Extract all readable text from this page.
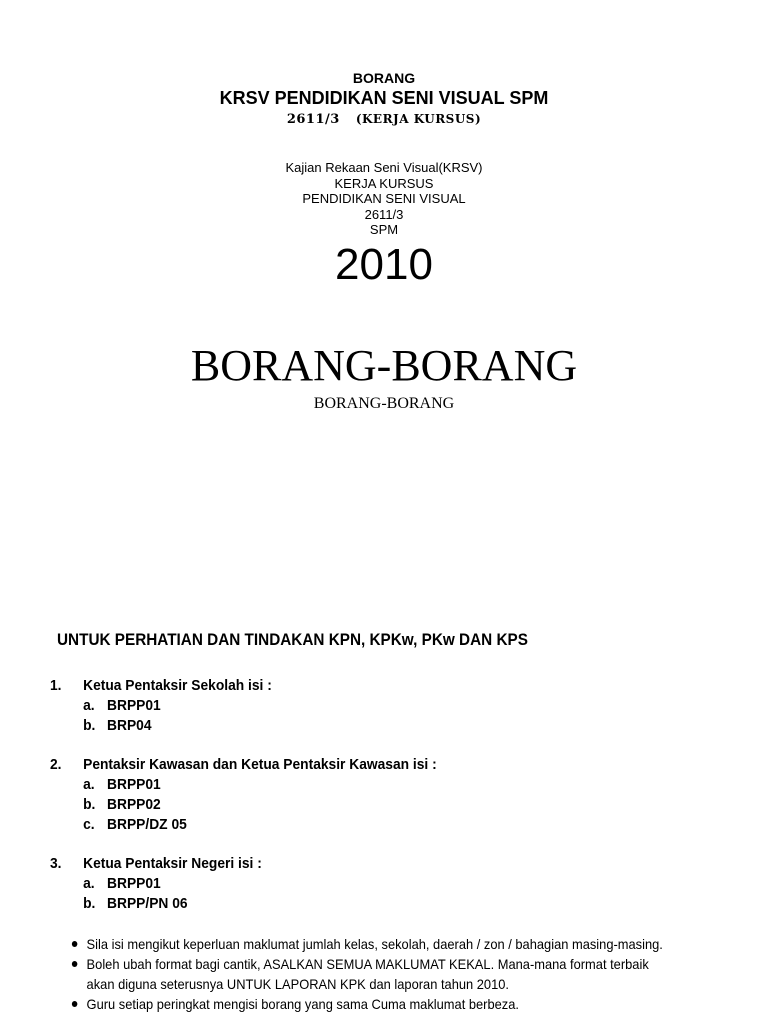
BORANG
KRSV PENDIDIKAN SENI VISUAL SPM
2611/3 (KERJA KURSUS)
Kajian Rekaan Seni Visual(KRSV)
KERJA KURSUS
PENDIDIKAN SENI VISUAL
2611/3
SPM
2010
BORANG-BORANG
BORANG-BORANG
UNTUK PERHATIAN DAN TINDAKAN KPN, KPKw, PKw DAN KPS
1. Ketua Pentaksir Sekolah isi :
a. BRPP01
b. BRP04
2. Pentaksir Kawasan dan Ketua Pentaksir Kawasan isi :
a. BRPP01
b. BRPP02
c. BRPP/DZ 05
3. Ketua Pentaksir Negeri isi :
a. BRPP01
b. BRPP/PN 06
Sila isi mengikut keperluan maklumat jumlah kelas, sekolah, daerah / zon / bahagian masing-masing.
Boleh ubah format bagi cantik, ASALKAN SEMUA MAKLUMAT KEKAL. Mana-mana format terbaik
akan diguna seterusnya UNTUK LAPORAN KPK dan laporan tahun 2010.
Guru setiap peringkat mengisi borang yang sama Cuma maklumat berbeza.
